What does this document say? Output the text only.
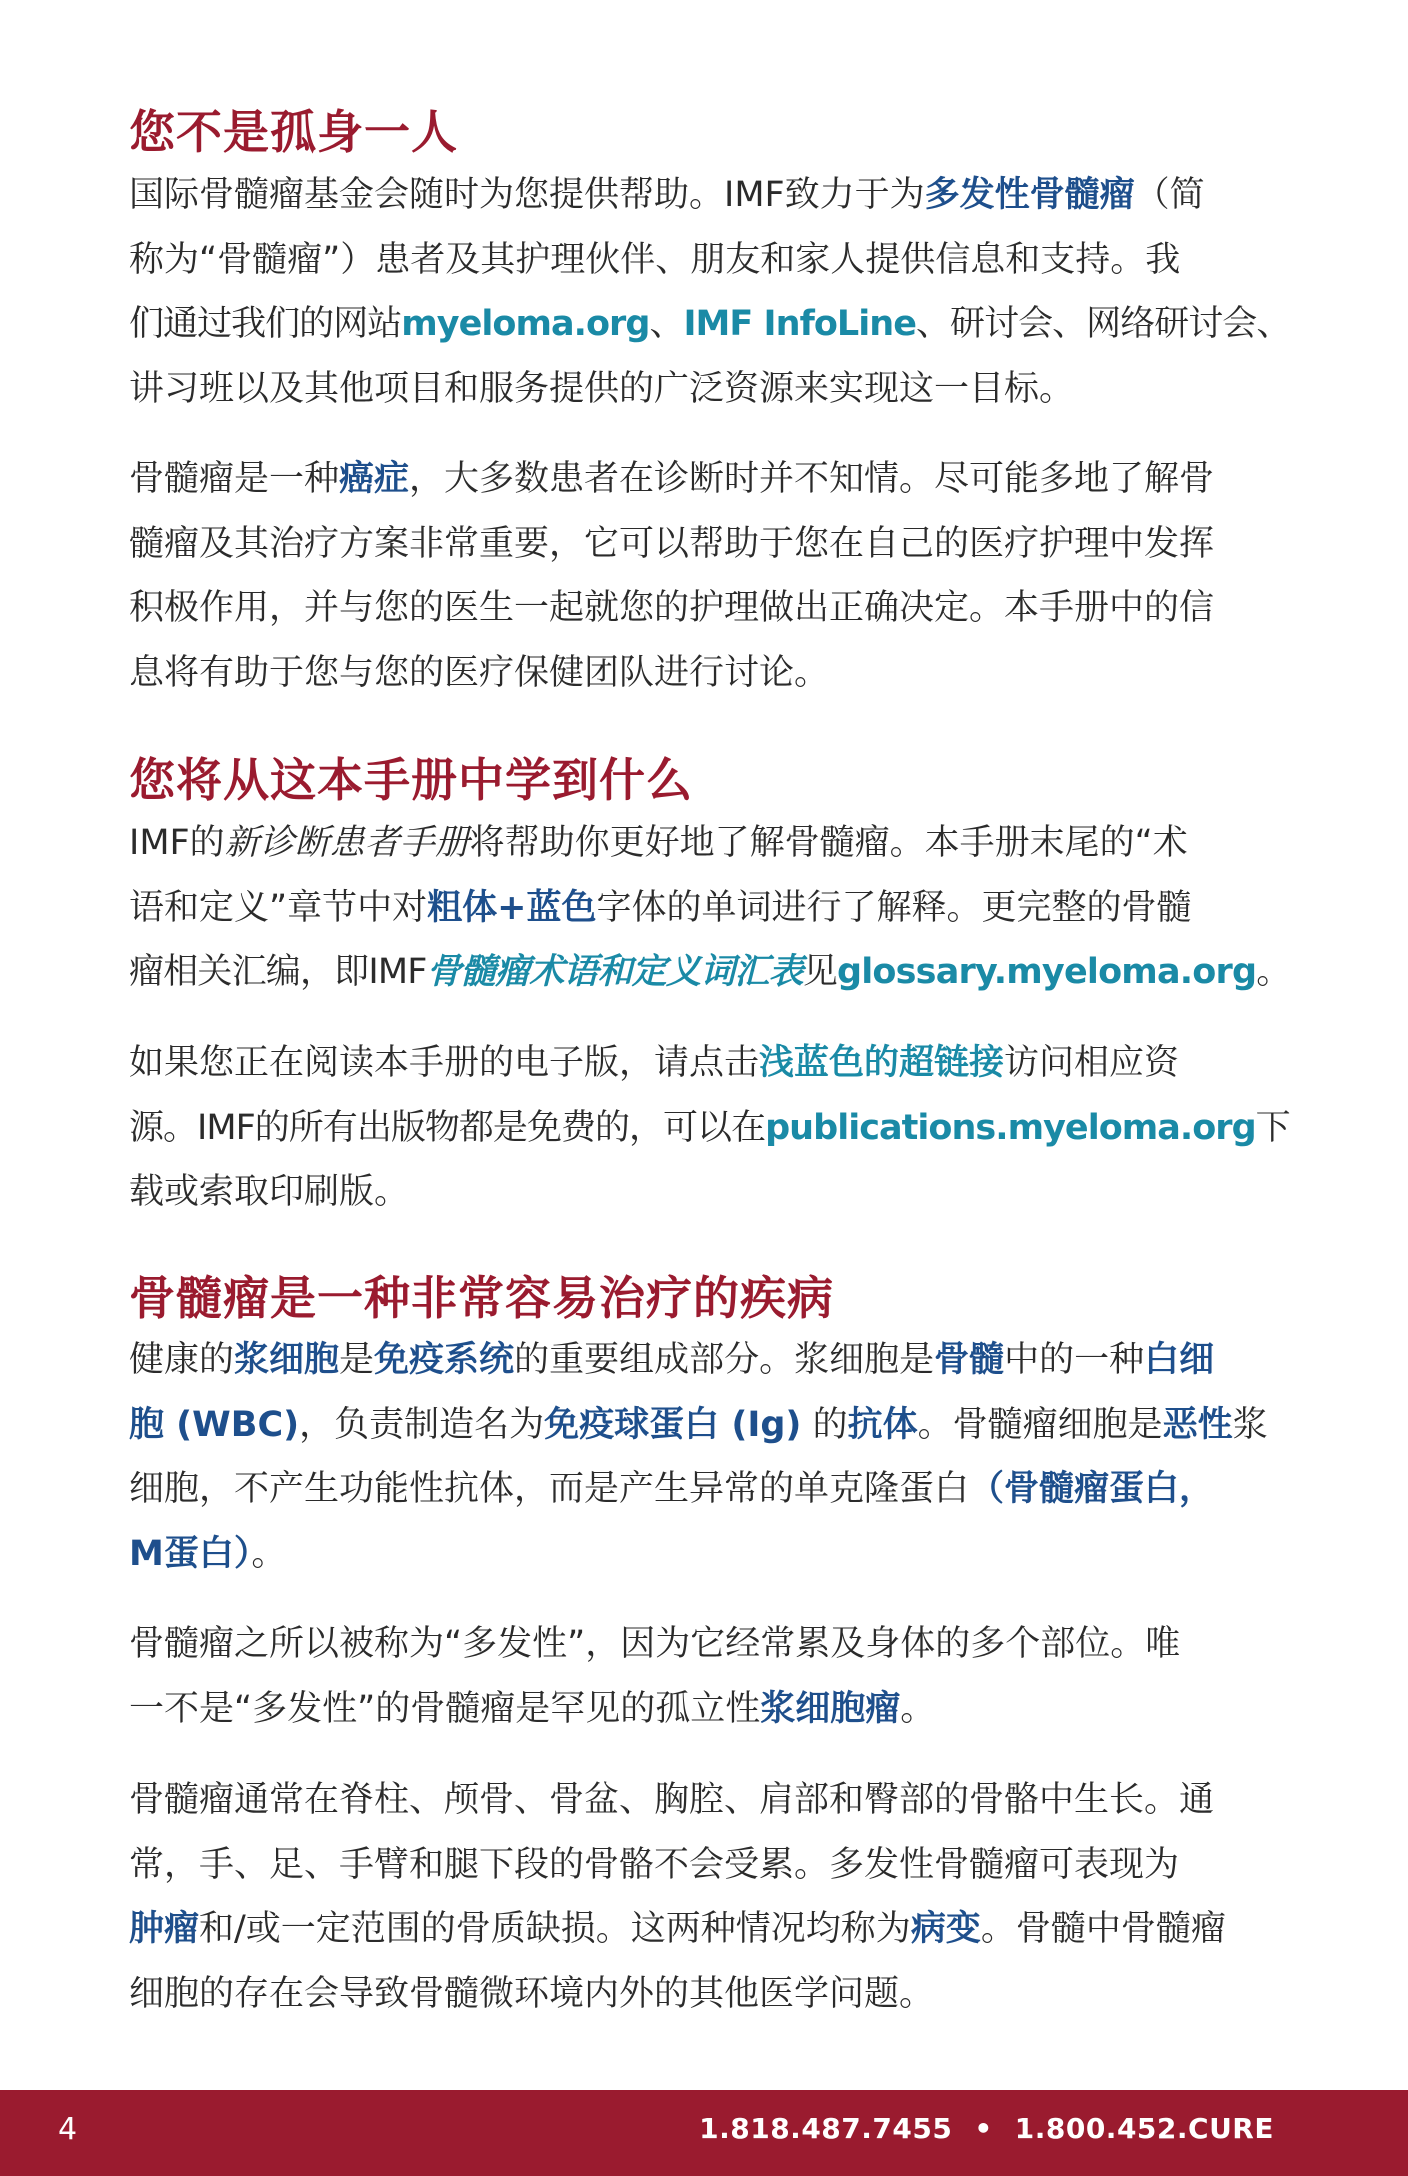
您不是孤身一人
国际骨髓瘤基金会随时为您提供帮助。IMF致力于为多发性骨髓瘤（简
称为“骨髓瘤”）患者及其护理伙伴、朋友和家人提供信息和支持。我
们通过我们的网站myeloma.org、IMF InfoLine、研讨会、网络研讨会、
讲习班以及其他项目和服务提供的广泛资源来实现这一目标。
骨髓瘤是一种癌症，大多数患者在诊断时并不知情。尽可能多地了解骨
髓瘤及其治疗方案非常重要，它可以帮助于您在自己的医疗护理中发挥
积极作用，并与您的医生一起就您的护理做出正确决定。本手册中的信
息将有助于您与您的医疗保健团队进行讨论。
您将从这本手册中学到什么
IMF的新诊断患者手册将帮助你更好地了解骨髓瘤。本手册末尾的“术
语和定义”章节中对粗体+蓝色字体的单词进行了解释。更完整的骨髓
瘤相关汇编，即IMF骨髓瘤术语和定义词汇表见glossary.myeloma.org。
如果您正在阅读本手册的电子版，请点击浅蓝色的超链接访问相应资
源。IMF的所有出版物都是免费的，可以在publications.myeloma.org下
载或索取印刷版。
骨髓瘤是一种非常容易治疗的疾病
健康的浆细胞是免疫系统的重要组成部分。浆细胞是骨髓中的一种白细
胞 (WBC)，负责制造名为免疫球蛋白 (Ig) 的抗体。骨髓瘤细胞是恶性浆
细胞，不产生功能性抗体，而是产生异常的单克隆蛋白（骨髓瘤蛋白，
M蛋白）。
骨髓瘤之所以被称为“多发性”，因为它经常累及身体的多个部位。唯
一不是“多发性”的骨髓瘤是罕见的孤立性浆细胞瘤。
骨髓瘤通常在脊柱、颅骨、骨盆、胸腔、肩部和臀部的骨骼中生长。通
常，手、足、手臂和腿下段的骨骼不会受累。多发性骨髓瘤可表现为
肿瘤和/或一定范围的骨质缺损。这两种情况均称为病变。骨髓中骨髓瘤
细胞的存在会导致骨髓微环境内外的其他医学问题。
4	1.818.487.7455 • 1.800.452.CURE
